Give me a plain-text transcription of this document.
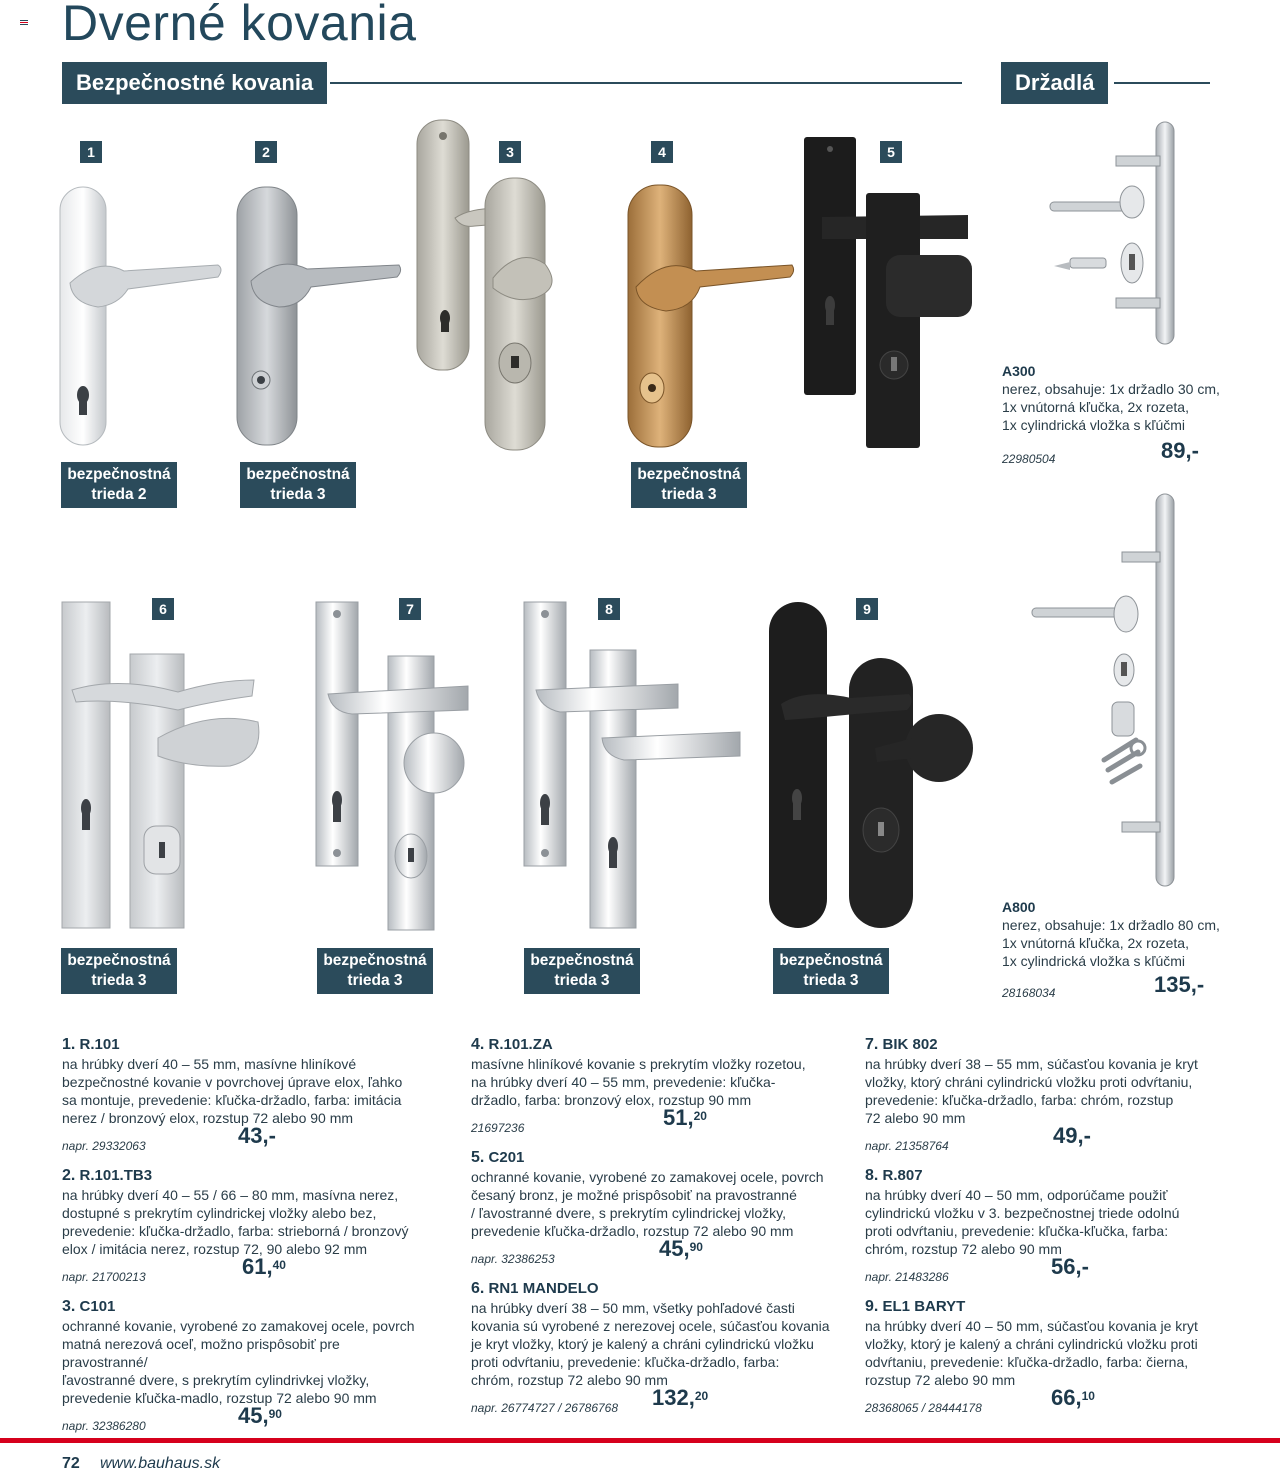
Dverné kovania
Bezpečnostné kovania	Držadlá
1	2	3	4	5
bezpečnostná
trieda 2
bezpečnostná
trieda 3
bezpečnostná
trieda 3
A300
nerez, obsahuje: 1x držadlo 30 cm,
1x vnútorná kľučka, 2x rozeta,
1x cylindrická vložka s kľúčmi
22980504	89,-
6	7	8	9
bezpečnostná
trieda 3
bezpečnostná
trieda 3
bezpečnostná
trieda 3
bezpečnostná
trieda 3
A800
nerez, obsahuje: 1x držadlo 80 cm,
1x vnútorná kľučka, 2x rozeta,
1x cylindrická vložka s kľúčmi
28168034	135,-
1. R.101
na hrúbky dverí 40 – 55 mm, masívne hliníkové
bezpečnostné kovanie v povrchovej úprave elox, ľahko
sa montuje, prevedenie: kľučka-držadlo, farba: imitácia
nerez / bronzový elox, rozstup 72 alebo 90 mm
napr. 29332063	43,-
2. R.101.TB3
na hrúbky dverí 40 – 55 / 66 – 80 mm, masívna nerez,
dostupné s prekrytím cylindrickej vložky alebo bez,
prevedenie: kľučka-držadlo, farba: strieborná / bronzový
elox / imitácia nerez, rozstup 72, 90 alebo 92 mm
napr. 21700213	61,40
3. C101
ochranné kovanie, vyrobené zo zamakovej ocele, povrch
matná nerezová oceľ, možno prispôsobiť pre pravostranné/
ľavostranné dvere, s prekrytím cylindrivkej vložky,
prevedenie kľučka-madlo, rozstup 72 alebo 90 mm
napr. 32386280	45,90
4. R.101.ZA
masívne hliníkové kovanie s prekrytím vložky rozetou,
na hrúbky dverí 40 – 55 mm, prevedenie: kľučka-
držadlo, farba: bronzový elox, rozstup 90 mm
21697236	51,20
5. C201
ochranné kovanie, vyrobené zo zamakovej ocele, povrch
česaný bronz, je možné prispôsobiť na pravostranné
/ ľavostranné dvere, s prekrytím cylindrickej vložky,
prevedenie kľučka-držadlo, rozstup 72 alebo 90 mm
napr. 32386253	45,90
6. RN1 MANDELO
na hrúbky dverí 38 – 50 mm, všetky pohľadové časti
kovania sú vyrobené z nerezovej ocele, súčasťou kovania
je kryt vložky, ktorý je kalený a chráni cylindrickú vložku
proti odvŕtaniu, prevedenie: kľučka-držadlo, farba:
chróm, rozstup 72 alebo 90 mm
napr. 26774727 / 26786768 132,20
7. BIK 802
na hrúbky dverí 38 – 55 mm, súčasťou kovania je kryt
vložky, ktorý chráni cylindrickú vložku proti odvŕtaniu,
prevedenie: kľučka-držadlo, farba: chróm, rozstup
72 alebo 90 mm
napr. 21358764	49,-
8. R.807
na hrúbky dverí 40 – 50 mm, odporúčame použiť
cylindrickú vložku v 3. bezpečnostnej triede odolnú
proti odvŕtaniu, prevedenie: kľučka-kľučka, farba:
chróm, rozstup 72 alebo 90 mm
napr. 21483286	56,-
9. EL1 BARYT
na hrúbky dverí 40 – 50 mm, súčasťou kovania je kryt
vložky, ktorý je kalený a chráni cylindrickú vložku proti
odvŕtaniu, prevedenie: kľučka-držadlo, farba: čierna,
rozstup 72 alebo 90 mm
28368065 / 28444178	66,10
72 www.bauhaus.sk
